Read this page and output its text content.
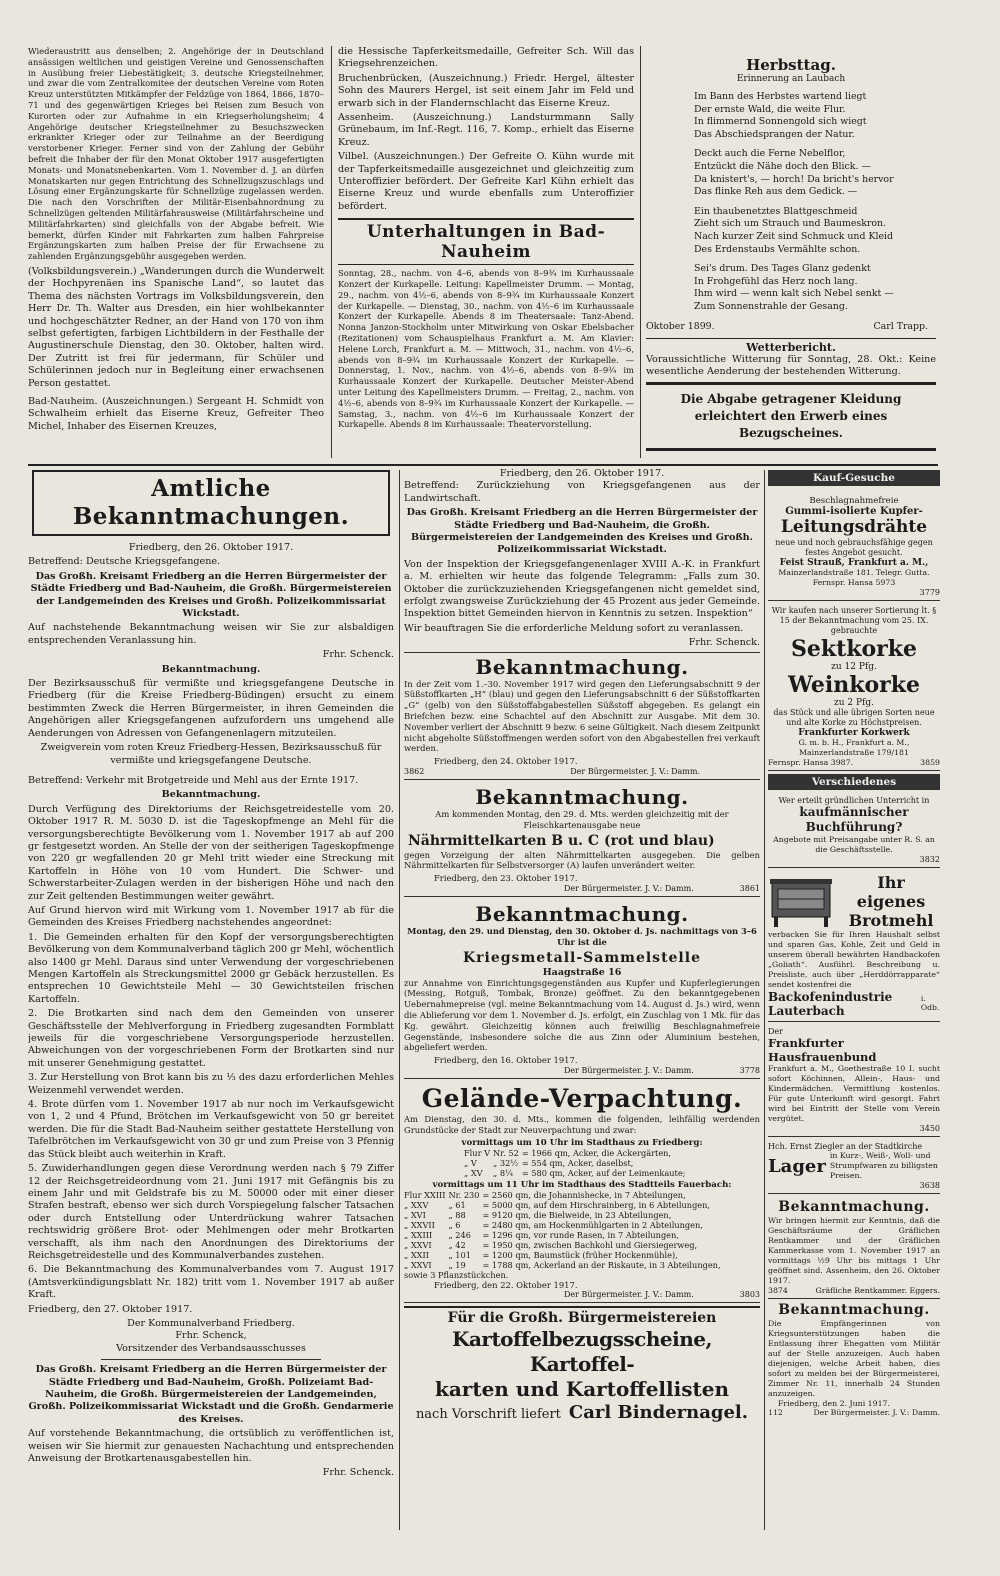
Wiederaustritt aus denselben; 2. Angehörige der in Deutschland ansässigen weltlichen und geistigen Vereine und Genossenschaften in Ausübung freier Liebestätigkeit; 3. deutsche Kriegsteilnehmer, und zwar die vom Zentralkomitee der deutschen Vereine vom Roten Kreuz unterstützten Mitkämpfer der Feldzüge von 1864, 1866, 1870–71 und des gegenwärtigen Krieges bei Reisen zum Besuch von Kurorten oder zur Aufnahme in ein Kriegserholungsheim; 4 Angehörige deutscher Kriegsteilnehmer zu Besuchszwecken erkrankter Krieger oder zur Teilnahme an der Beerdigung verstorbener Krieger. Ferner sind von der Zahlung der Gebühr befreit die Inhaber der für den Monat Oktober 1917 ausgefertigten Monats- und Monatsnebenkarten. Vom 1. November d. J. an dürfen Monatskarten nur gegen Entrichtung des Schnellzugszuschlags und Lösung einer Ergänzungskarte für Schnellzüge zugelassen werden. Die nach den Vorschriften der Militär-Eisenbahnordnung zu Schnellzügen geltenden Militärfahrausweise (Militärfahrscheine und Militärfahrkarten) sind gleichfalls von der Abgabe befreit. Wie bemerkt, dürfen Kinder mit Fahrkarten zum halben Fahrpreise Ergänzungskarten zum halben Preise der für Erwachsene zu zahlenden Ergänzungsgebühr ausgegeben werden.

(Volksbildungsverein.) „Wanderungen durch die Wunderwelt der Hochpyrenäen ins Spanische Land“, so lautet das Thema des nächsten Vortrags im Volksbildungsverein, den Herr Dr. Th. Walter aus Dresden, ein hier wohlbekannter und hochgeschätzter Redner, an der Hand von 170 von ihm selbst gefertigten, farbigen Lichtbildern in der Festhalle der Augustinerschule Dienstag, den 30. Oktober, halten wird. Der Zutritt ist frei für jedermann, für Schüler und Schülerinnen jedoch nur in Begleitung einer erwachsenen Person gestattet.

Bad-Nauheim. (Auszeichnungen.) Sergeant H. Schmidt von Schwalheim erhielt das Eiserne Kreuz, Gefreiter Theo Michel, Inhaber des Eisernen Kreuzes,

die Hessische Tapferkeitsmedaille, Gefreiter Sch. Will das Kriegsehrenzeichen.

Bruchenbrücken, (Auszeichnung.) Friedr. Hergel, ältester Sohn des Maurers Hergel, ist seit einem Jahr im Feld und erwarb sich in der Flandernschlacht das Eiserne Kreuz.

Assenheim. (Auszeichnung.) Landsturmmann Sally Grünebaum, im Inf.-Regt. 116, 7. Komp., erhielt das Eiserne Kreuz.

Vilbel. (Auszeichnungen.) Der Gefreite O. Kühn wurde mit der Tapferkeitsmedaille ausgezeichnet und gleichzeitig zum Unteroffizier befördert. Der Gefreite Karl Kühn erhielt das Eiserne Kreuz und wurde ebenfalls zum Unteroffizier befördert.

Unterhaltungen in Bad-Nauheim

Sonntag, 28., nachm. von 4–6, abends von 8–9¾ im Kurhaussaale Konzert der Kurkapelle. Leitung: Kapellmeister Drumm. — Montag, 29., nachm. von 4½–6, abends von 8–9¾ im Kurhaussaale Konzert der Kurkapelle. — Dienstag, 30., nachm. von 4½–6 im Kurhaussaale Konzert der Kurkapelle. Abends 8 im Theatersaale: Tanz-Abend. Nonna Janzon-Stockholm unter Mitwirkung von Oskar Ebelsbacher (Rezitationen) vom Schauspielhaus Frankfurt a. M. Am Klavier: Helene Lorch, Frankfurt a. M. — Mittwoch, 31., nachm. von 4½–6, abends von 8–9¾ im Kurhaussaale Konzert der Kurkapelle. — Donnerstag, 1. Nov., nachm. von 4½–6, abends von 8–9¾ im Kurhaussaale Konzert der Kurkapelle. Deutscher Meister-Abend unter Leitung des Kapellmeisters Drumm. — Freitag, 2., nachm. von 4½–6, abends von 8–9¾ im Kurhaussaale Konzert der Kurkapelle. — Samstag, 3., nachm. von 4½–6 im Kurhaussaale Konzert der Kurkapelle. Abends 8 im Kurhaussaale: Theatervorstellung.

Herbsttag.
Erinnerung an Laubach
Im Bann des Herbstes wartend liegt
Der ernste Wald, die weite Flur.
In flimmernd Sonnengold sich wiegt
Das Abschiedsprangen der Natur.
Deckt auch die Ferne Nebelflor,
Entzückt die Nähe doch den Blick. —
Da knistert's, — horch! Da bricht's hervor
Das flinke Reh aus dem Gedick. —
Ein thaubenetztes Blattgeschmeid
Zieht sich um Strauch und Baumeskron.
Nach kurzer Zeit sind Schmuck und Kleid
Des Erdenstaubs Vermählte schon.
Sei's drum. Des Tages Glanz gedenkt
In Frohgefühl das Herz noch lang.
Ihm wird — wenn kalt sich Nebel senkt —
Zum Sonnenstrahle der Gesang.
Oktober 1899.	Carl Trapp.
Wetterbericht.

Voraussichtliche Witterung für Sonntag, 28. Okt.: Keine wesentliche Aenderung der bestehenden Witterung.

Die Abgabe getragener Kleidung erleichtert den Erwerb eines Bezugscheines.
Amtliche Bekanntmachungen.

Friedberg, den 26. Oktober 1917.

Betreffend: Deutsche Kriegsgefangene.

Das Großh. Kreisamt Friedberg an die Herren Bürgermeister der Städte Friedberg und Bad-Nauheim, die Großh. Bürgermeistereien der Landgemeinden des Kreises und Großh. Polizeikommissariat Wickstadt.

Auf nachstehende Bekanntmachung weisen wir Sie zur alsbaldigen entsprechenden Veranlassung hin.

Frhr. Schenck.

Bekanntmachung.

Der Bezirksausschuß für vermißte und kriegsgefangene Deutsche in Friedberg (für die Kreise Friedberg-Büdingen) ersucht zu einem bestimmten Zweck die Herren Bürgermeister, in ihren Gemeinden die Angehörigen aller Kriegsgefangenen aufzufordern uns umgehend alle Aenderungen von Adressen von Gefangenenlagern mitzuteilen.

Zweigverein vom roten Kreuz Friedberg-Hessen, Bezirksausschuß für vermißte und kriegsgefangene Deutsche.

Betreffend: Verkehr mit Brotgetreide und Mehl aus der Ernte 1917.

Bekanntmachung.

Durch Verfügung des Direktoriums der Reichsgetreidestelle vom 20. Oktober 1917 R. M. 5030 D. ist die Tageskopfmenge an Mehl für die versorgungsberechtigte Bevölkerung vom 1. November 1917 ab auf 200 gr festgesetzt worden. An Stelle der von der seitherigen Tageskopfmenge von 220 gr wegfallenden 20 gr Mehl tritt wieder eine Streckung mit Kartoffeln in Höhe von 10 vom Hundert. Die Schwer- und Schwerstarbeiter-Zulagen werden in der bisherigen Höhe und nach den zur Zeit geltenden Bestimmungen weiter gewährt.

Auf Grund hiervon wird mit Wirkung vom 1. November 1917 ab für die Gemeinden des Kreises Friedberg nachstehendes angeordnet:

1. Die Gemeinden erhalten für den Kopf der versorgungsberechtigten Bevölkerung von dem Kommunalverband täglich 200 gr Mehl, wöchentlich also 1400 gr Mehl. Daraus sind unter Verwendung der vorgeschriebenen Mengen Kartoffeln als Streckungsmittel 2000 gr Gebäck herzustellen. Es entsprechen 10 Gewichtsteile Mehl — 30 Gewichtsteilen frischen Kartoffeln.

2. Die Brotkarten sind nach dem den Gemeinden von unserer Geschäftsstelle der Mehlverforgung in Friedberg zugesandten Formblatt jeweils für die vorgeschriebene Versorgungsperiode herzustellen. Abweichungen von der vorgeschriebenen Form der Brotkarten sind nur mit unserer Genehmigung gestattet.

3. Zur Herstellung von Brot kann bis zu ⅓ des dazu erforderlichen Mehles Weizenmehl verwendet werden.

4. Brote dürfen vom 1. November 1917 ab nur noch im Verkaufsgewicht von 1, 2 und 4 Pfund, Brötchen im Verkaufsgewicht von 50 gr bereitet werden. Die für die Stadt Bad-Nauheim seither gestattete Herstellung von Tafelbrötchen im Verkaufsgewicht von 30 gr und zum Preise von 3 Pfennig das Stück bleibt auch weiterhin in Kraft.

5. Zuwiderhandlungen gegen diese Verordnung werden nach § 79 Ziffer 12 der Reichsgetreideordnung vom 21. Juni 1917 mit Gefängnis bis zu einem Jahr und mit Geldstrafe bis zu M. 50000 oder mit einer dieser Strafen bestraft, ebenso wer sich durch Vorspiegelung falscher Tatsachen oder durch Entstellung oder Unterdrückung wahrer Tatsachen rechtswidrig größere Brot- oder Mehlmengen oder mehr Brotkarten verschafft, als ihm nach den Anordnungen des Direktoriums der Reichsgetreidestelle und des Kommunalverbandes zustehen.

6. Die Bekanntmachung des Kommunalverbandes vom 7. August 1917 (Amtsverkündigungsblatt Nr. 182) tritt vom 1. November 1917 ab außer Kraft.

Friedberg, den 27. Oktober 1917.

Der Kommunalverband Friedberg.

Frhr. Schenck,

Vorsitzender des Verbandsausschusses

Das Großh. Kreisamt Friedberg an die Herren Bürgermeister der Städte Friedberg und Bad-Nauheim, Großh. Polizeiamt Bad-Nauheim, die Großh. Bürgermeistereien der Landgemeinden, Großh. Polizeikommissariat Wickstadt und die Großh. Gendarmerie des Kreises.

Auf vorstehende Bekanntmachung, die ortsüblich zu veröffentlichen ist, weisen wir Sie hiermit zur genauesten Nachachtung und entsprechenden Anweisung der Brotkartenausgabestellen hin.

Frhr. Schenck.

Friedberg, den 26. Oktober 1917.

Betreffend: Zurückziehung von Kriegsgefangenen aus der Landwirtschaft.

Das Großh. Kreisamt Friedberg an die Herren Bürgermeister der Städte Friedberg und Bad-Nauheim, die Großh. Bürgermeistereien der Landgemeinden des Kreises und Großh. Polizeikommissariat Wickstadt.

Von der Inspektion der Kriegsgefangenenlager XVIII A.-K. in Frankfurt a. M. erhielten wir heute das folgende Telegramm: „Falls zum 30. Oktober die zurückzuziehenden Kriegsgefangenen nicht gemeldet sind, erfolgt zwangsweise Zurückziehung der 45 Prozent aus jeder Gemeinde. Inspektion bittet Gemeinden hiervon in Kenntnis zu setzen. Inspektion“

Wir beauftragen Sie die erforderliche Meldung sofort zu veranlassen.

Frhr. Schenck.

Bekanntmachung.

In der Zeit vom 1.–30. November 1917 wird gegen den Lieferungsabschnitt 9 der Süßstoffkarten „H“ (blau) und gegen den Lieferungsabschnitt 6 der Süßstoffkarten „G“ (gelb) von den Süßstoffabgabestellen Süßstoff abgegeben. Es gelangt ein Briefchen bezw. eine Schachtel auf den Abschnitt zur Ausgabe. Mit dem 30. November verliert der Abschnitt 9 bezw. 6 seine Gültigkeit. Nach diesem Zeitpunkt nicht abgeholte Süßstoffmengen werden sofort von den Abgabestellen frei verkauft werden.

Friedberg, den 24. Oktober 1917.

3862	Der Bürgermeister. J. V.: Damm.
Bekanntmachung.

Am kommenden Montag, den 29. d. Mts. werden gleichzeitig mit der Fleischkartenausgabe neue

Nährmittelkarten B u. C (rot und blau)

gegen Vorzeigung der alten Nährmittelkarten ausgegeben. Die gelben Nährmittelkarten für Selbstversorger (A) laufen unverändert weiter.

Friedberg, den 23. Oktober 1917.

Der Bürgermeister. J. V.: Damm.	3861
Bekanntmachung.

Montag, den 29. und Dienstag, den 30. Oktober d. Js. nachmittags von 3–6 Uhr ist die

Kriegsmetall-Sammelstelle
Haagstraße 16

zur Annahme von Einrichtungsgegenständen aus Kupfer und Kupferlegierungen (Messing, Rotguß, Tombak, Bronze) geöffnet. Zu den bekanntgegebenen Uebernahmepreise (vgl. meine Bekanntmachung vom 14. August d. Js.) wird, wenn die Ablieferung vor dem 1. November d. Js. erfolgt, ein Zuschlag von 1 Mk. für das Kg. gewährt. Gleichzeitig können auch freiwillig Beschlagnahmefreie Gegenstände, insbesondere solche die aus Zinn oder Aluminium bestehen, abgeliefert werden.

Friedberg, den 16. Oktober 1917.

Der Bürgermeister. J. V.: Damm.	3778
Gelände-Verpachtung.

Am Dienstag, den 30. d. Mts., kommen die folgenden, leihfällig werdenden Grundstücke der Stadt zur Neuverpachtung und zwar:

vormittags um 10 Uhr im Stadthaus zu Friedberg:
Flur V	Nr. 52	= 1966 qm, Acker, die Ackergärten,
„ V	„ 32½	= 554 qm, Acker, daselbst,
„ XV	„ 8¼	= 580 qm, Acker, auf der Leimenkaute;
vormittags um 11 Uhr im Stadthaus des Stadtteils Fauerbach:
Flur XXIII	Nr. 230	= 2560 qm, die Johannishecke, in 7 Abteilungen,
„ XXV	„ 61	= 5000 qm, auf dem Hirschrainberg, in 6 Abteilungen,
„ XVI	„ 88	= 9120 qm, die Bielweide, in 23 Abteilungen,
„ XXVII	„ 6	= 2480 qm, am Hockenmühlgarten in 2 Abteilungen,
„ XXIII	„ 246	= 1296 qm, vor runde Rasen, in 7 Abteilungen,
„ XXVI	„ 42	= 1950 qm, zwischen Bachkohl und Giersiegerweg,
„ XXII	„ 101	= 1200 qm, Baumstück (früher Hockenmühle),
„ XXVI	„ 19	= 1788 qm, Ackerland an der Riskaute, in 3 Abteilungen,
sowie 3 Pflanzstückchen.

Friedberg, den 22. Oktober 1917.

Der Bürgermeister. J. V.: Damm.	3803
Für die Großh. Bürgermeistereien
Kartoffelbezugsscheine, Kartoffel-
karten und Kartoffellisten
nach Vorschrift liefert Carl Bindernagel.
Kauf-Gesuche
Beschlagnahmefreie
Gummi-isolierte Kupfer-
Leitungsdrähte
neue und noch gebrauchsfähige gegen festes Angebot gesucht.
Feist Strauß, Frankfurt a. M.,
Mainzerlandstraße 181. Telegr. Gutta. Fernspr. Hansa 5973
3779
Wir kaufen nach unserer Sortierung lt. § 15 der Bekanntmachung vom 25. IX. gebrauchte
Sektkorke
zu 12 Pfg.
Weinkorke
zu 2 Pfg.
das Stück und alle übrigen Sorten neue und alte Korke zu Höchstpreisen.
Frankfurter Korkwerk
G. m. b. H., Frankfurt a. M., Mainzerlandstraße 179/181
Fernspr. Hansa 3987.	3859
Verschiedenes
Wer erteilt gründlichen Unterricht in
kaufmännischer Buchführung?
Angebote mit Preisangabe unter R. S. an die Geschäftsstelle.
3832
Ihr eigenes
Brotmehl
verbacken Sie für Ihren Haushalt selbst und sparen Gas, Kohle, Zeit und Geld in unserem überall bewährten Handbackofen „Goliath“. Ausführl. Beschreibung u. Preisliste, auch über „Herddörrapparate“ sendet kostenfrei die
Backofenindustrie Lauterbach
i. Odb.
Der
Frankfurter Hausfrauenbund
Frankfurt a. M., Goethestraße 10 I. sucht sofort Köchinnen, Allein-, Haus- und Kindermädchen. Vermittlung kostenlos. Für gute Unterkunft wird gesorgt. Fahrt wird bei Eintritt der Stelle vom Verein vergütet.
3450
Hch. Ernst Ziegler an der Stadtkirche
Lager in Kurz-, Weiß-, Woll- und Strumpfwaren zu billigsten Preisen.
3638
Bekanntmachung.
Wir bringen hiermit zur Kenntnis, daß die Geschäftsräume der Gräflichen Rentkammer und der Gräflichen Kammerkasse vom 1. November 1917 an vormittags ½9 Uhr bis mittags 1 Uhr geöffnet sind. Assenheim, den 26. Oktober 1917.
3874	Gräfliche Rentkammer. Eggers.
Bekanntmachung.
Die Empfängerinnen von Kriegsunterstützungen haben die Entlassung ihrer Ehegatten vom Militär auf der Stelle anzuzeigen. Auch haben diejenigen, welche Arbeit haben, dies sofort zu melden bei der Bürgermeisterei, Zimmer Nr. 11, innerhalb 24 Stunden anzuzeigen.
Friedberg, den 2. Juni 1917.
112	Der Bürgermeister. J. V.: Damm.
